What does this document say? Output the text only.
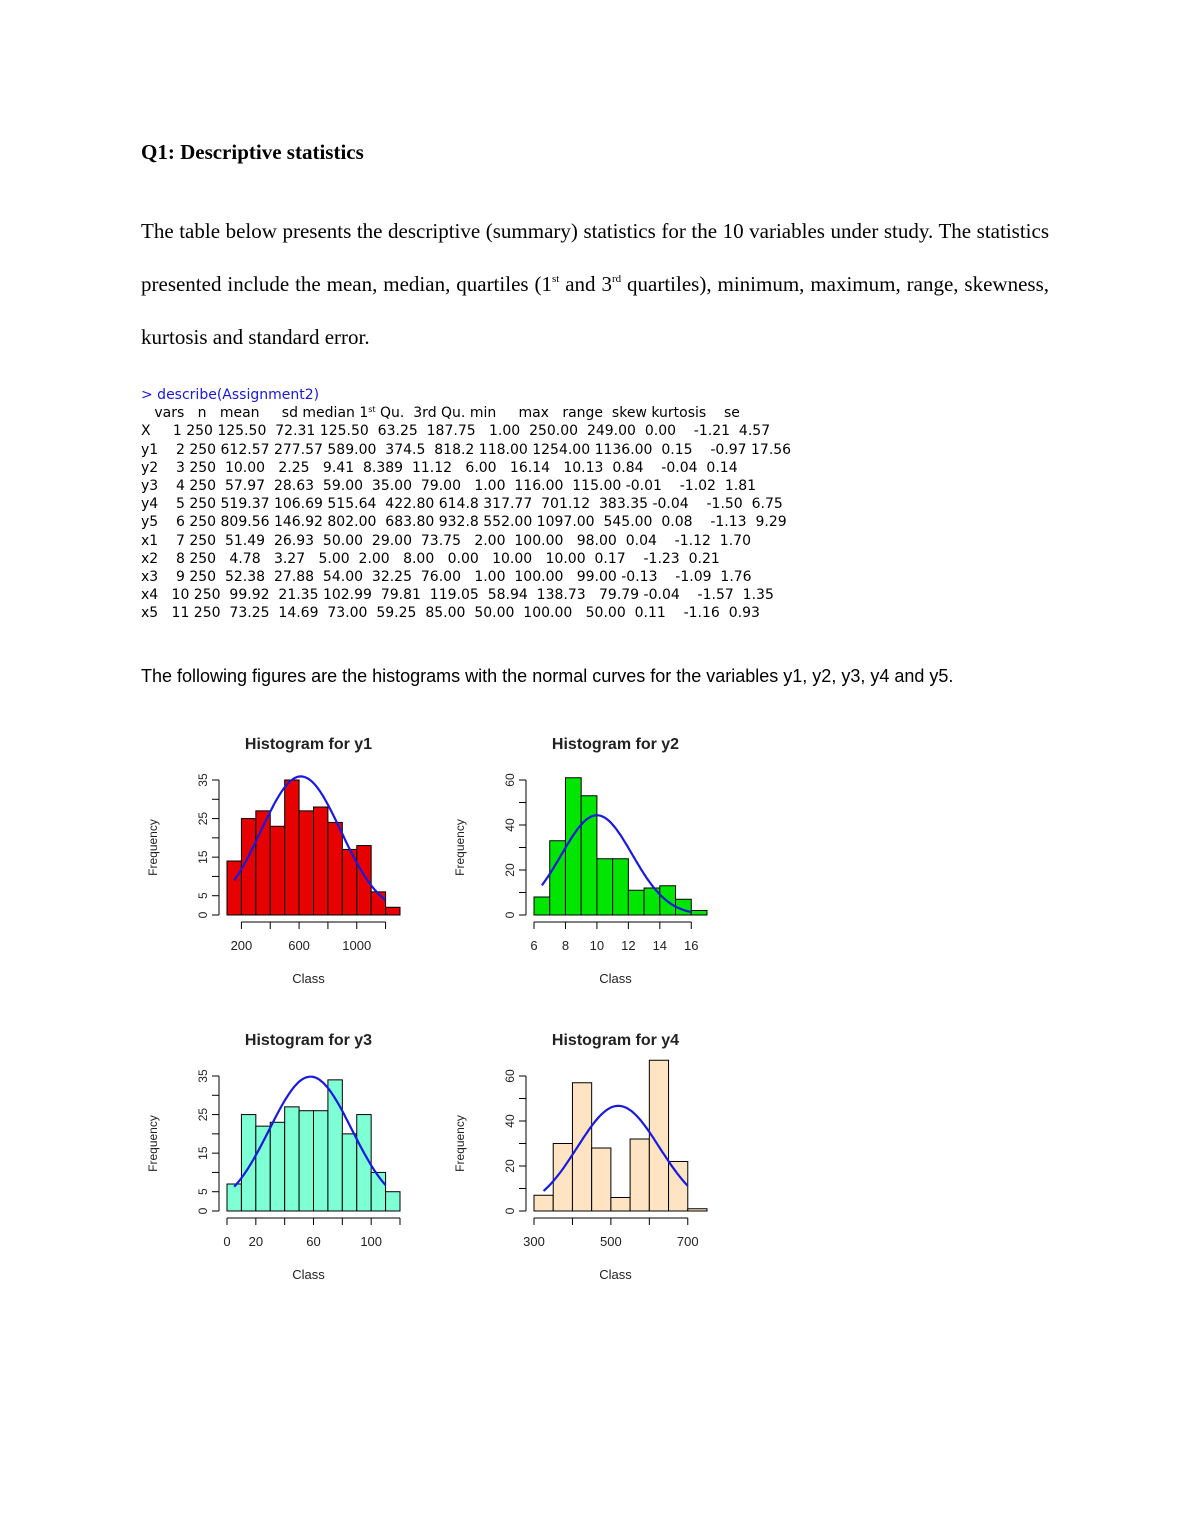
Q1: Descriptive statistics
The table below presents the descriptive (summary) statistics for the 10 variables under study. The statistics presented include the mean, median, quartiles (1st and 3rd quartiles), minimum, maximum, range, skewness, kurtosis and standard error.
> describe(Assignment2)
vars   n   mean     sd median 1st Qu.  3rd Qu. min     max   range  skew kurtosis    se
X     1 250 125.50  72.31 125.50  63.25  187.75   1.00  250.00  249.00  0.00    -1.21  4.57
y1    2 250 612.57 277.57 589.00  374.5  818.2 118.00 1254.00 1136.00  0.15    -0.97 17.56
y2    3 250  10.00   2.25   9.41  8.389  11.12   6.00   16.14   10.13  0.84    -0.04  0.14
y3    4 250  57.97  28.63  59.00  35.00  79.00   1.00  116.00  115.00 -0.01    -1.02  1.81
y4    5 250 519.37 106.69 515.64  422.80 614.8 317.77  701.12  383.35 -0.04    -1.50  6.75
y5    6 250 809.56 146.92 802.00  683.80 932.8 552.00 1097.00  545.00  0.08    -1.13  9.29
x1    7 250  51.49  26.93  50.00  29.00  73.75   2.00  100.00   98.00  0.04    -1.12  1.70
x2    8 250   4.78   3.27   5.00  2.00   8.00   0.00   10.00   10.00  0.17    -1.23  0.21
x3    9 250  52.38  27.88  54.00  32.25  76.00   1.00  100.00   99.00 -0.13    -1.09  1.76
x4   10 250  99.92  21.35 102.99  79.81  119.05  58.94  138.73   79.79 -0.04    -1.57  1.35
x5   11 250  73.25  14.69  73.00  59.25  85.00  50.00  100.00   50.00  0.11    -1.16  0.93
The following figures are the histograms with the normal curves for the variables y1, y2, y3, y4 and y5.
Histogram for y1
0
5
15
25
35
Frequency
200	600 1000
Class
Histogram for y2
0
20
40
60
Frequency
6 8 10 12 14 16
Class
Histogram for y3
0
5
15
25
35
Frequency
0 20	60	100
Class
Histogram for y4
0
20
40
60
Frequency
300	500	700
Class
